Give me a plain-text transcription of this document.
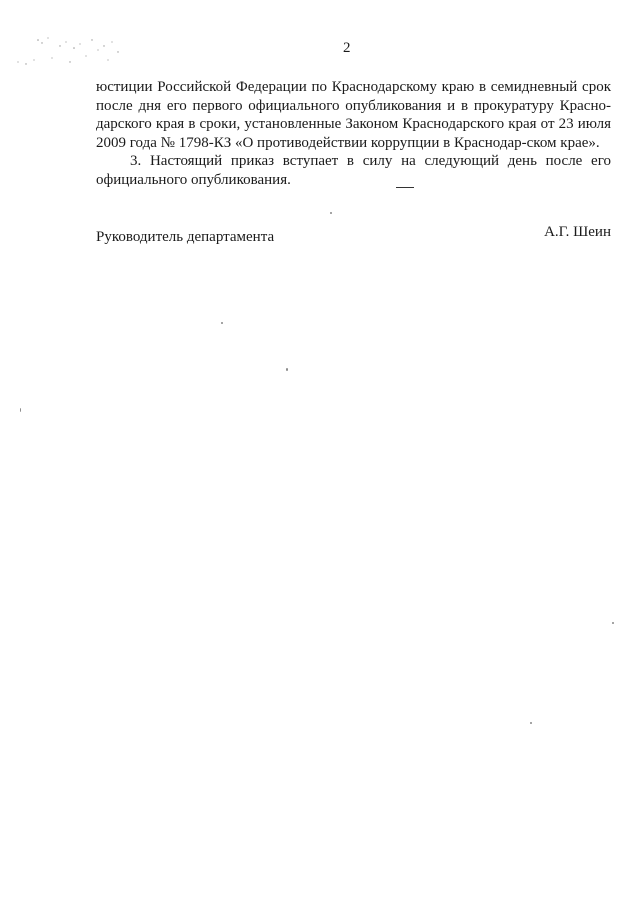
2

юстиции Российской Федерации по Краснодарскому краю в семидневный срок после дня его первого официального опубликования и в прокуратуру Красно-дарского края в сроки, установленные Законом Краснодарского края от 23 июля 2009 года № 1798-КЗ «О противодействии коррупции в Краснодар-ском крае».

3. Настоящий приказ вступает в силу на следующий день после его официального опубликования.

Руководитель департамента	А.Г. Шеин
